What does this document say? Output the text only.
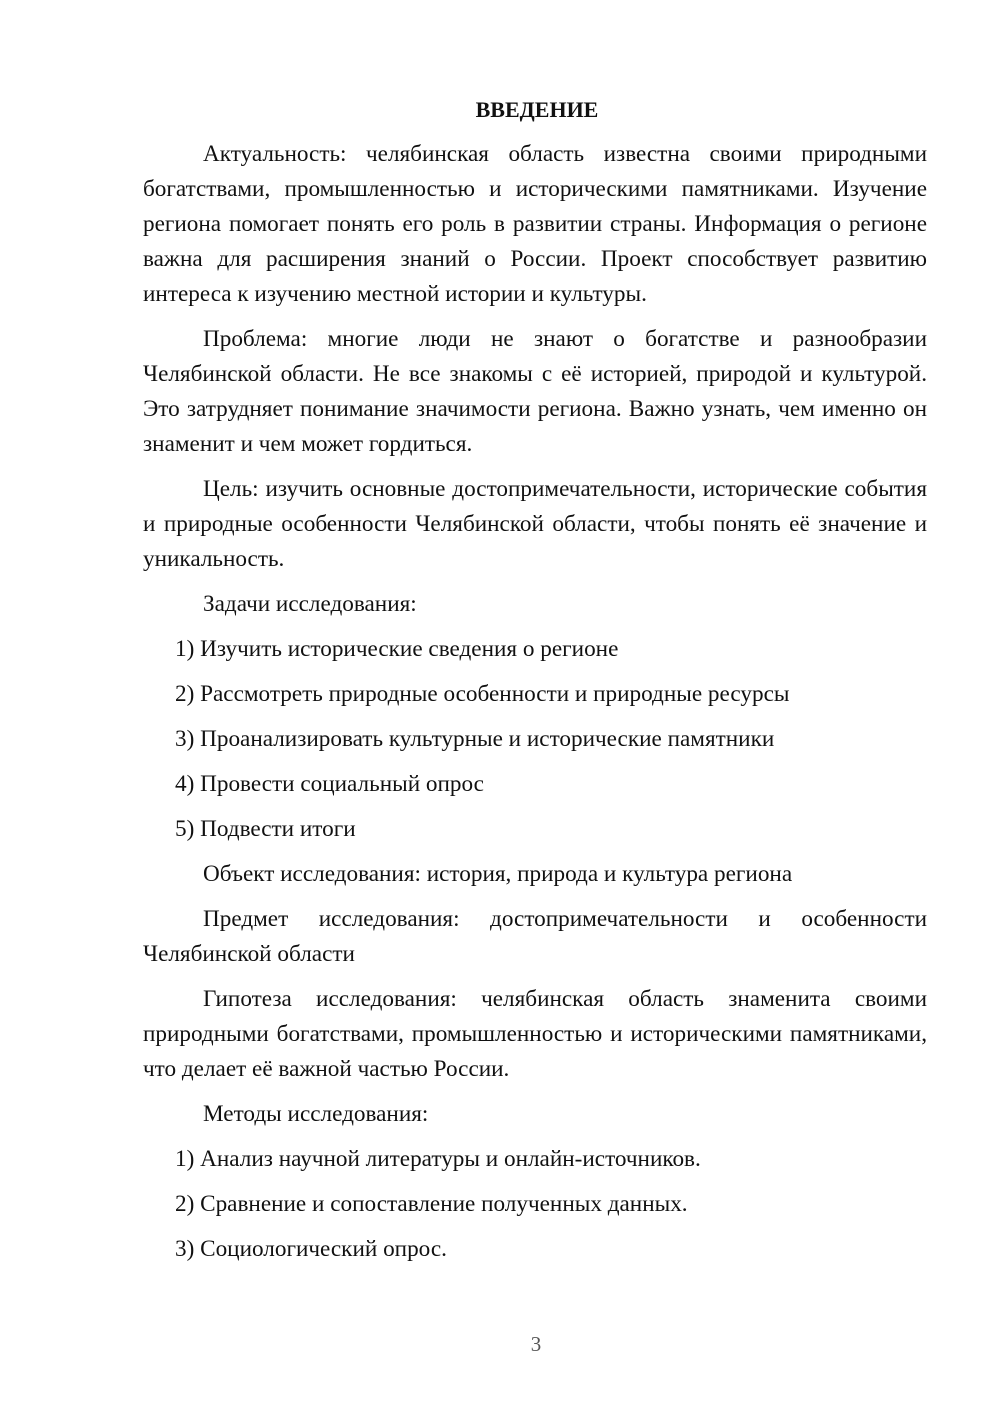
ВВЕДЕНИЕ

Актуальность: челябинская область известна своими природными богатствами, промышленностью и историческими памятниками. Изучение региона помогает понять его роль в развитии страны. Информация о регионе важна для расширения знаний о России. Проект способствует развитию интереса к изучению местной истории и культуры.

Проблема: многие люди не знают о богатстве и разнообразии Челябинской области. Не все знакомы с её историей, природой и культурой. Это затрудняет понимание значимости региона. Важно узнать, чем именно он знаменит и чем может гордиться.

Цель: изучить основные достопримечательности, исторические события и природные особенности Челябинской области, чтобы понять её значение и уникальность.

Задачи исследования:
1) Изучить исторические сведения о регионе
2) Рассмотреть природные особенности и природные ресурсы
3) Проанализировать культурные и исторические памятники
4) Провести социальный опрос
5) Подвести итоги

Объект исследования: история, природа и культура региона

Предмет исследования: достопримечательности и особенности Челябинской области

Гипотеза исследования: челябинская область знаменита своими природными богатствами, промышленностью и историческими памятниками, что делает её важной частью России.

Методы исследования:
1) Анализ научной литературы и онлайн-источников.
2) Сравнение и сопоставление полученных данных.
3) Социологический опрос.
3
